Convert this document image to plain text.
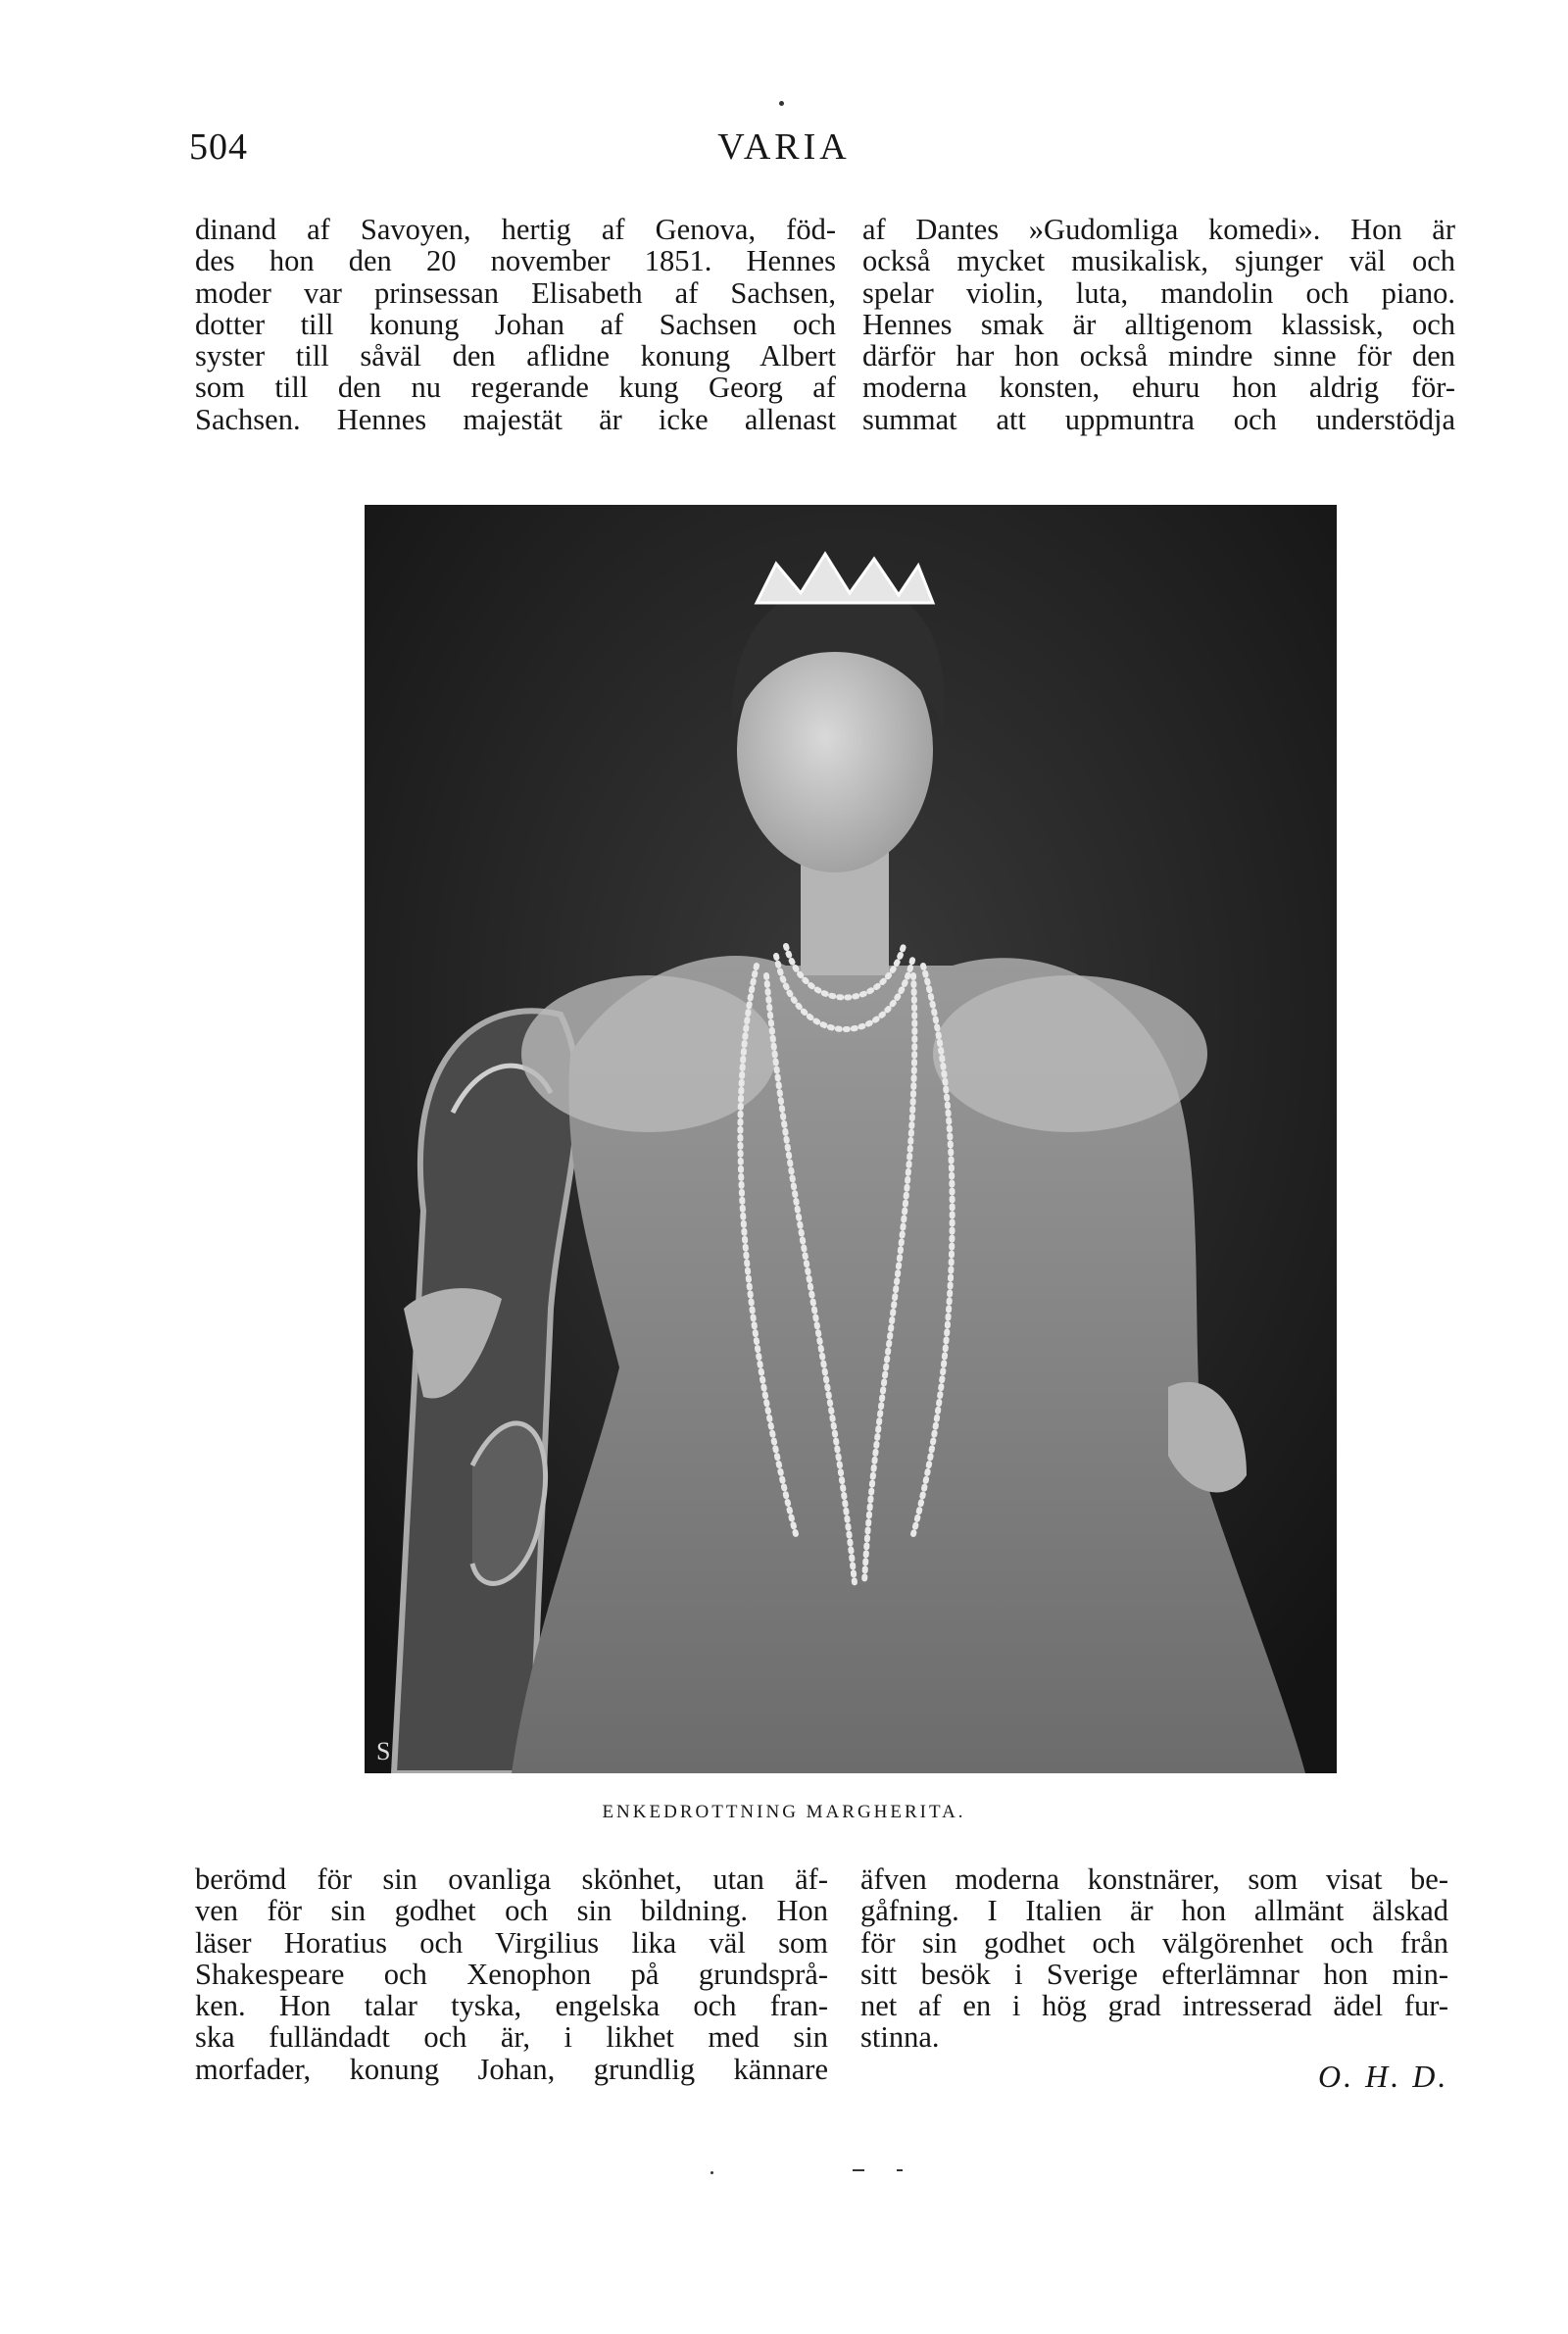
504	VARIA
dinand af Savoyen, hertig af Genova, föd-
des hon den 20 november 1851. Hennes
moder var prinsessan Elisabeth af Sachsen,
dotter till konung Johan af Sachsen och
syster till såväl den aflidne konung Albert
som till den nu regerande kung Georg af
Sachsen. Hennes majestät är icke allenast
af Dantes »Gudomliga komedi». Hon är
också mycket musikalisk, sjunger väl och
spelar violin, luta, mandolin och piano.
Hennes smak är alltigenom klassisk, och
därför har hon också mindre sinne för den
moderna konsten, ehuru hon aldrig för-
summat att uppmuntra och understödja
S
ENKEDROTTNING MARGHERITA.
berömd för sin ovanliga skönhet, utan äf-
ven för sin godhet och sin bildning. Hon
läser Horatius och Virgilius lika väl som
Shakespeare och Xenophon på grundsprå-
ken. Hon talar tyska, engelska och fran-
ska fulländadt och är, i likhet med sin
morfader, konung Johan, grundlig kännare
äfven moderna konstnärer, som visat be-
gåfning. I Italien är hon allmänt älskad
för sin godhet och välgörenhet och från
sitt besök i Sverige efterlämnar hon min-
net af en i hög grad intresserad ädel fur-
stinna.
O. H. D.
